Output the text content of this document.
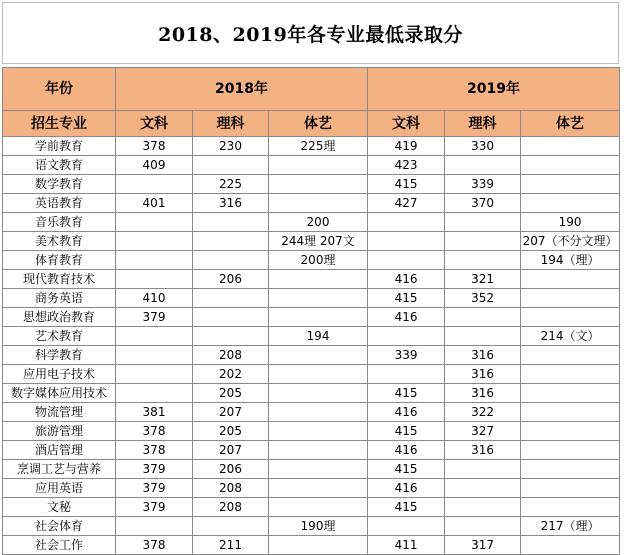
2018、2019年各专业最低录取分
年份	2018年			2019年		
招生专业	文科	理科	体艺	文科	理科	体艺
学前教育	378	230	225理	419	330	
语文教育	409			423		
数学教育		225		415	339	
英语教育	401	316		427	370	
音乐教育			200			190
美术教育			244理 207文			207（不分文理）
体育教育			200理			194（理）
现代教育技术		206		416	321	
商务英语	410			415	352	
思想政治教育	379			416		
艺术教育			194			214（文）
科学教育		208		339	316	
应用电子技术		202			316	
数字媒体应用技术		205		415	316	
物流管理	381	207		416	322	
旅游管理	378	205		415	327	
酒店管理	378	207		416	316	
烹调工艺与营养	379	206		415		
应用英语	379	208		416		
文秘	379	208		415		
社会体育			190理			217（理）
社会工作	378	211		411	317	
